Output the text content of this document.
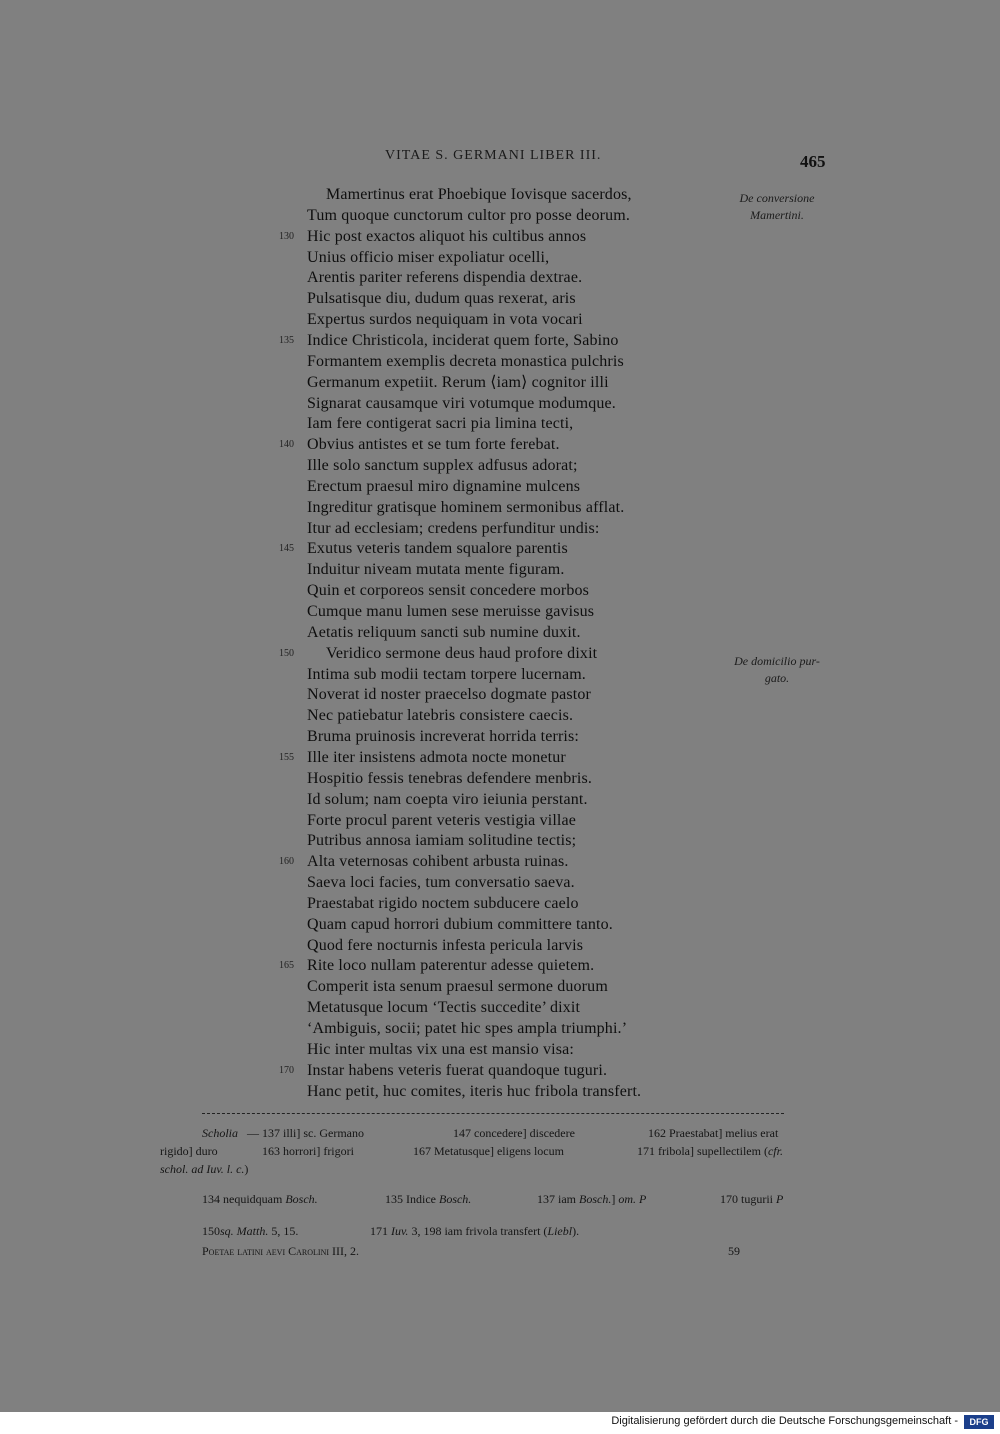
VITAE S. GERMANI LIBER III.	465
Mamertinus erat Phoebique Iovisque sacerdos,
Tum quoque cunctorum cultor pro posse deorum.
130 Hic post exactos aliquot his cultibus annos
Unius officio miser expoliatur ocelli,
Arentis pariter referens dispendia dextrae.
Pulsatisque diu, dudum quas rexerat, aris
Expertus surdos nequiquam in vota vocari
135 Indice Christicola, inciderat quem forte, Sabino
Formantem exemplis decreta monastica pulchris
Germanum expetiit. Rerum ⟨iam⟩ cognitor illi
Signarat causamque viri votumque modumque.
Iam fere contigerat sacri pia limina tecti,
140 Obvius antistes et se tum forte ferebat.
Ille solo sanctum supplex adfusus adorat;
Erectum praesul miro dignamine mulcens
Ingreditur gratisque hominem sermonibus afflat.
Itur ad ecclesiam; credens perfunditur undis:
145 Exutus veteris tandem squalore parentis
Induitur niveam mutata mente figuram.
Quin et corporeos sensit concedere morbos
Cumque manu lumen sese meruisse gavisus
Aetatis reliquum sancti sub numine duxit.
150 Veridico sermone deus haud profore dixit
Intima sub modii tectam torpere lucernam.
Noverat id noster praecelso dogmate pastor
Nec patiebatur latebris consistere caecis.
Bruma pruinosis increverat horrida terris:
155 Ille iter insistens admota nocte monetur
Hospitio fessis tenebras defendere menbris.
Id solum; nam coepta viro ieiunia perstant.
Forte procul parent veteris vestigia villae
Putribus annosa iamiam solitudine tectis;
160 Alta veternosas cohibent arbusta ruinas.
Saeva loci facies, tum conversatio saeva.
Praestabat rigido noctem subducere caelo
Quam capud horrori dubium committere tanto.
Quod fere nocturnis infesta pericula larvis
165 Rite loco nullam paterentur adesse quietem.
Comperit ista senum praesul sermone duorum
Metatusque locum ‘Tectis succedite’ dixit
‘Ambiguis, socii; patet hic spes ampla triumphi.’
Hic inter multas vix una est mansio visa:
170 Instar habens veteris fuerat quandoque tuguri.
Hanc petit, huc comites, iteris huc fribola transfert.
De conversione
Mamertini.
De domicilio pur-
gato.
Scholia — 137 illi] sc. Germano	147 concedere] discedere	162 Praestabat] melius erat
rigido] duro	163 horrori] frigori	167 Metatusque] eligens locum	171 fribola] supellectilem (cfr.
schol. ad Iuv. l. c.)
134 nequidquam Bosch.	135 Indice Bosch.	137 iam Bosch.] om. P	170 tugurii P
150sq. Matth. 5, 15.	171 Iuv. 3, 198 iam frivola transfert (Liebl).
Poetae latini aevi Carolini III, 2.	59
Digitalisierung gefördert durch die Deutsche Forschungsgemeinschaft -	DFG
